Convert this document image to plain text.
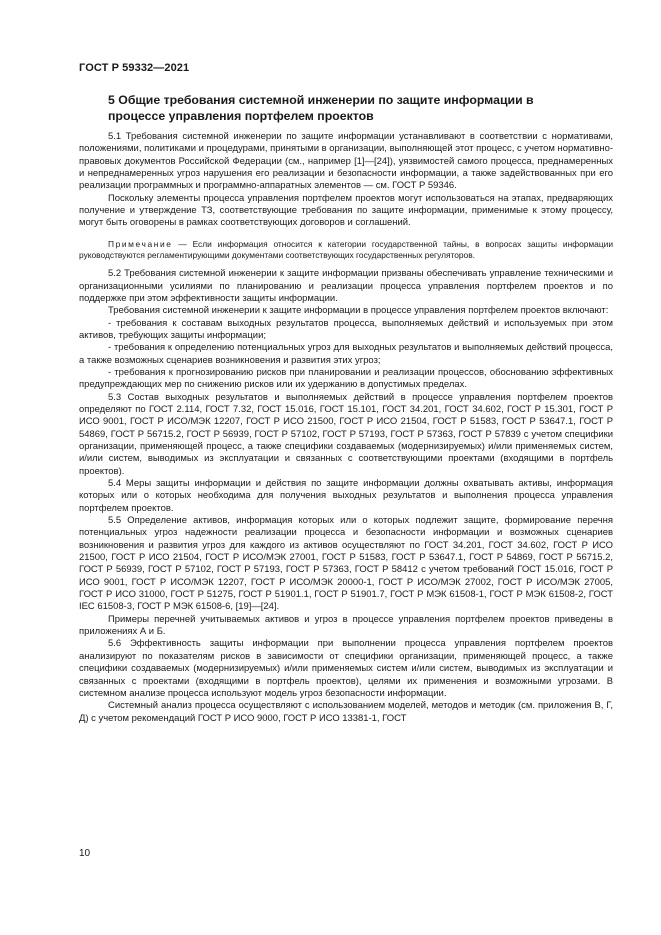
ГОСТ Р 59332—2021
5 Общие требования системной инженерии по защите информации в процессе управления портфелем проектов

5.1 Требования системной инженерии по защите информации устанавливают в соответствии с нормативами, положениями, политиками и процедурами, принятыми в организации, выполняющей этот процесс, с учетом нормативно-правовых документов Российской Федерации (см., например [1]—[24]), уязвимостей самого процесса, преднамеренных и непреднамеренных угроз нарушения его реализации и безопасности информации, а также задействованных при его реализации программных и программно-аппаратных элементов — см. ГОСТ Р 59346.

Поскольку элементы процесса управления портфелем проектов могут использоваться на этапах, предваряющих получение и утверждение ТЗ, соответствующие требования по защите информации, применимые к этому процессу, могут быть оговорены в рамках соответствующих договоров и соглашений.

Примечание — Если информация относится к категории государственной тайны, в вопросах защиты информации руководствуются регламентирующими документами соответствующих государственных регуляторов.

5.2 Требования системной инженерии к защите информации призваны обеспечивать управление техническими и организационными усилиями по планированию и реализации процесса управления портфелем проектов и по поддержке при этом эффективности защиты информации.

Требования системной инженерии к защите информации в процессе управления портфелем проектов включают:

- требования к составам выходных результатов процесса, выполняемых действий и используемых при этом активов, требующих защиты информации;

- требования к определению потенциальных угроз для выходных результатов и выполняемых действий процесса, а также возможных сценариев возникновения и развития этих угроз;

- требования к прогнозированию рисков при планировании и реализации процессов, обоснованию эффективных предупреждающих мер по снижению рисков или их удержанию в допустимых пределах.

5.3 Состав выходных результатов и выполняемых действий в процессе управления портфелем проектов определяют по ГОСТ 2.114, ГОСТ 7.32, ГОСТ 15.016, ГОСТ 15.101, ГОСТ 34.201, ГОСТ 34.602, ГОСТ Р 15.301, ГОСТ Р ИСО 9001, ГОСТ Р ИСО/МЭК 12207, ГОСТ Р ИСО 21500, ГОСТ Р ИСО 21504, ГОСТ Р 51583, ГОСТ Р 53647.1, ГОСТ Р 54869, ГОСТ Р 56715.2, ГОСТ Р 56939, ГОСТ Р 57102, ГОСТ Р 57193, ГОСТ Р 57363, ГОСТ Р 57839 с учетом специфики организации, применяющей процесс, а также специфики создаваемых (модернизируемых) и/или применяемых систем, и/или систем, выводимых из эксплуатации и связанных с соответствующими проектами (входящими в портфель проектов).

5.4 Меры защиты информации и действия по защите информации должны охватывать активы, информация которых или о которых необходима для получения выходных результатов и выполнения процесса управления портфелем проектов.

5.5 Определение активов, информация которых или о которых подлежит защите, формирование перечня потенциальных угроз надежности реализации процесса и безопасности информации и возможных сценариев возникновения и развития угроз для каждого из активов осуществляют по ГОСТ 34.201, ГОСТ 34.602, ГОСТ Р ИСО 21500, ГОСТ Р ИСО 21504, ГОСТ Р ИСО/МЭК 27001, ГОСТ Р 51583, ГОСТ Р 53647.1, ГОСТ Р 54869, ГОСТ Р 56715.2, ГОСТ Р 56939, ГОСТ Р 57102, ГОСТ Р 57193, ГОСТ Р 57363, ГОСТ Р 58412 с учетом требований ГОСТ 15.016, ГОСТ Р ИСО 9001, ГОСТ Р ИСО/МЭК 12207, ГОСТ Р ИСО/МЭК 20000-1, ГОСТ Р ИСО/МЭК 27002, ГОСТ Р ИСО/МЭК 27005, ГОСТ Р ИСО 31000, ГОСТ Р 51275, ГОСТ Р 51901.1, ГОСТ Р 51901.7, ГОСТ Р МЭК 61508-1, ГОСТ Р МЭК 61508-2, ГОСТ IEC 61508-3, ГОСТ Р МЭК 61508-6, [19]—[24].

Примеры перечней учитываемых активов и угроз в процессе управления портфелем проектов приведены в приложениях А и Б.

5.6 Эффективность защиты информации при выполнении процесса управления портфелем проектов анализируют по показателям рисков в зависимости от специфики организации, применяющей процесс, а также специфики создаваемых (модернизируемых) и/или применяемых систем и/или систем, выводимых из эксплуатации и связанных с проектами (входящими в портфель проектов), целями их применения и возможными угрозами. В системном анализе процесса используют модель угроз безопасности информации.

Системный анализ процесса осуществляют с использованием моделей, методов и методик (см. приложения В, Г, Д) с учетом рекомендаций ГОСТ Р ИСО 9000, ГОСТ Р ИСО 13381-1, ГОСТ

10
